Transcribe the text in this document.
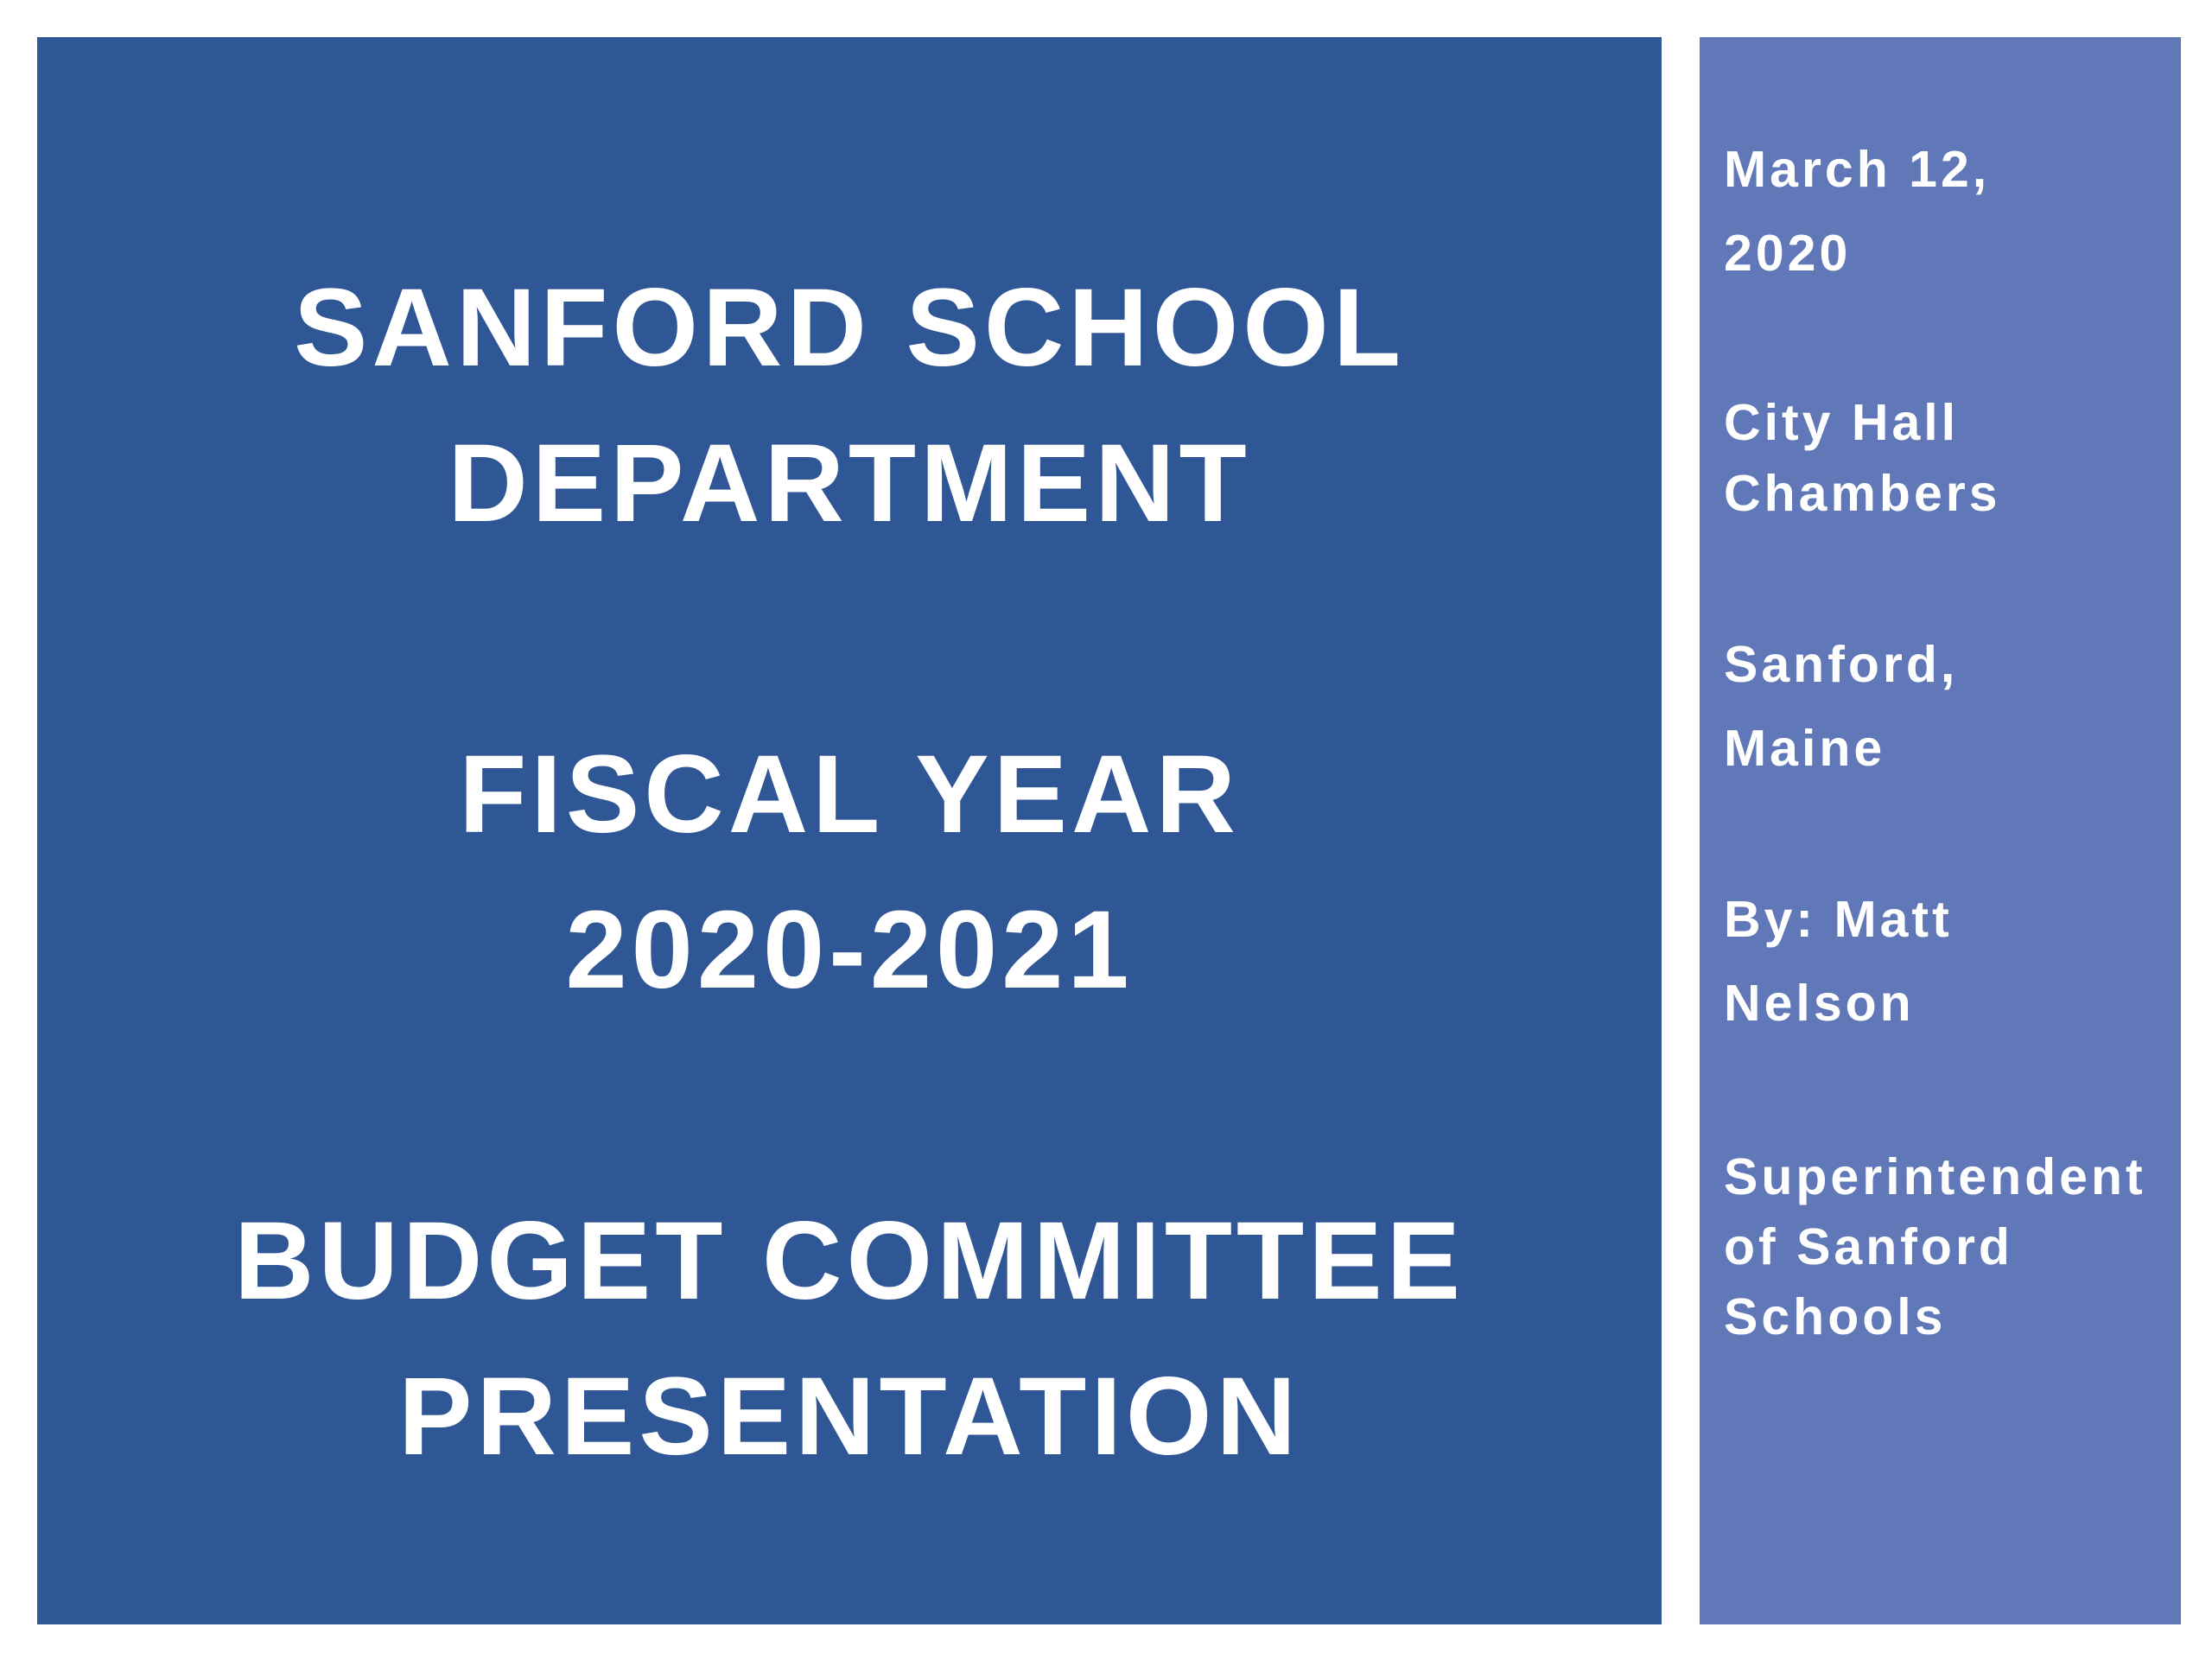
SANFORD SCHOOL
DEPARTMENT
FISCAL YEAR
2020-2021
BUDGET COMMITTEE
PRESENTATION
March 12,
2020
City Hall
Chambers
Sanford,
Maine
By: Matt
Nelson
Superintendent
of Sanford
Schools
